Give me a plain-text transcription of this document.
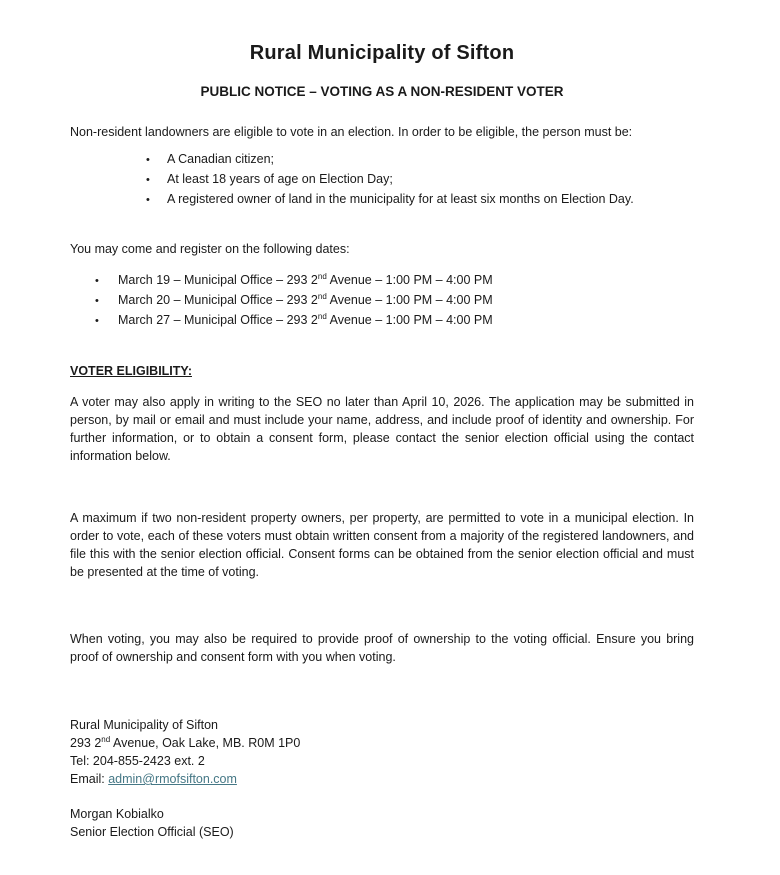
Rural Municipality of Sifton
PUBLIC NOTICE – VOTING AS A NON-RESIDENT VOTER

Non-resident landowners are eligible to vote in an election. In order to be eligible, the person must be:

•	A Canadian citizen;
•	At least 18 years of age on Election Day;
•	A registered owner of land in the municipality for at least six months on Election Day.

You may come and register on the following dates:

•	March 19 – Municipal Office – 293 2nd Avenue – 1:00 PM – 4:00 PM
•	March 20 – Municipal Office – 293 2nd Avenue – 1:00 PM – 4:00 PM
•	March 27 – Municipal Office – 293 2nd Avenue – 1:00 PM – 4:00 PM

VOTER ELIGIBILITY:

A voter may also apply in writing to the SEO no later than April 10, 2026. The application may be submitted in person, by mail or email and must include your name, address, and include proof of identity and ownership. For further information, or to obtain a consent form, please contact the senior election official using the contact information below.

A maximum if two non-resident property owners, per property, are permitted to vote in a municipal election. In order to vote, each of these voters must obtain written consent from a majority of the registered landowners, and file this with the senior election official. Consent forms can be obtained from the senior election official and must be presented at the time of voting.

When voting, you may also be required to provide proof of ownership to the voting official. Ensure you bring proof of ownership and consent form with you when voting.

Rural Municipality of Sifton
293 2nd Avenue, Oak Lake, MB. R0M 1P0
Tel: 204-855-2423 ext. 2
Email: admin@rmofsifton.com
Morgan Kobialko
Senior Election Official (SEO)
